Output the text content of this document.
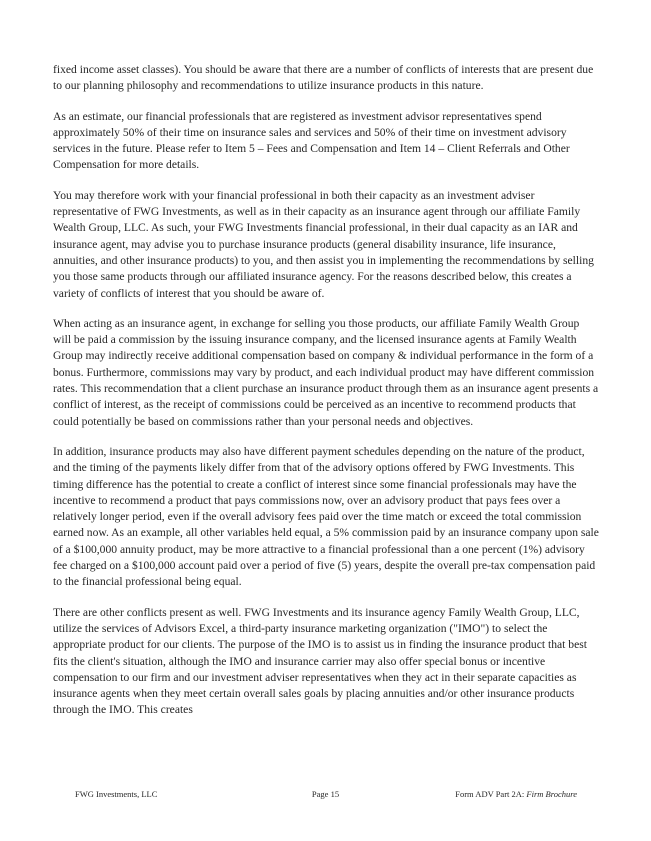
fixed income asset classes). You should be aware that there are a number of conflicts of interests that are present due to our planning philosophy and recommendations to utilize insurance products in this nature.

As an estimate, our financial professionals that are registered as investment advisor representatives spend approximately 50% of their time on insurance sales and services and 50% of their time on investment advisory services in the future. Please refer to Item 5 – Fees and Compensation and Item 14 – Client Referrals and Other Compensation for more details.

You may therefore work with your financial professional in both their capacity as an investment adviser representative of FWG Investments, as well as in their capacity as an insurance agent through our affiliate Family Wealth Group, LLC. As such, your FWG Investments financial professional, in their dual capacity as an IAR and insurance agent, may advise you to purchase insurance products (general disability insurance, life insurance, annuities, and other insurance products) to you, and then assist you in implementing the recommendations by selling you those same products through our affiliated insurance agency. For the reasons described below, this creates a variety of conflicts of interest that you should be aware of.

When acting as an insurance agent, in exchange for selling you those products, our affiliate Family Wealth Group will be paid a commission by the issuing insurance company, and the licensed insurance agents at Family Wealth Group may indirectly receive additional compensation based on company & individual performance in the form of a bonus. Furthermore, commissions may vary by product, and each individual product may have different commission rates. This recommendation that a client purchase an insurance product through them as an insurance agent presents a conflict of interest, as the receipt of commissions could be perceived as an incentive to recommend products that could potentially be based on commissions rather than your personal needs and objectives.

In addition, insurance products may also have different payment schedules depending on the nature of the product, and the timing of the payments likely differ from that of the advisory options offered by FWG Investments. This timing difference has the potential to create a conflict of interest since some financial professionals may have the incentive to recommend a product that pays commissions now, over an advisory product that pays fees over a relatively longer period, even if the overall advisory fees paid over the time match or exceed the total commission earned now. As an example, all other variables held equal, a 5% commission paid by an insurance company upon sale of a $100,000 annuity product, may be more attractive to a financial professional than a one percent (1%) advisory fee charged on a $100,000 account paid over a period of five (5) years, despite the overall pre-tax compensation paid to the financial professional being equal.

There are other conflicts present as well. FWG Investments and its insurance agency Family Wealth Group, LLC, utilize the services of Advisors Excel, a third-party insurance marketing organization ("IMO") to select the appropriate product for our clients. The purpose of the IMO is to assist us in finding the insurance product that best fits the client's situation, although the IMO and insurance carrier may also offer special bonus or incentive compensation to our firm and our investment adviser representatives when they act in their separate capacities as insurance agents when they meet certain overall sales goals by placing annuities and/or other insurance products through the IMO. This creates

FWG Investments, LLC	Page 15	Form ADV Part 2A: Firm Brochure
